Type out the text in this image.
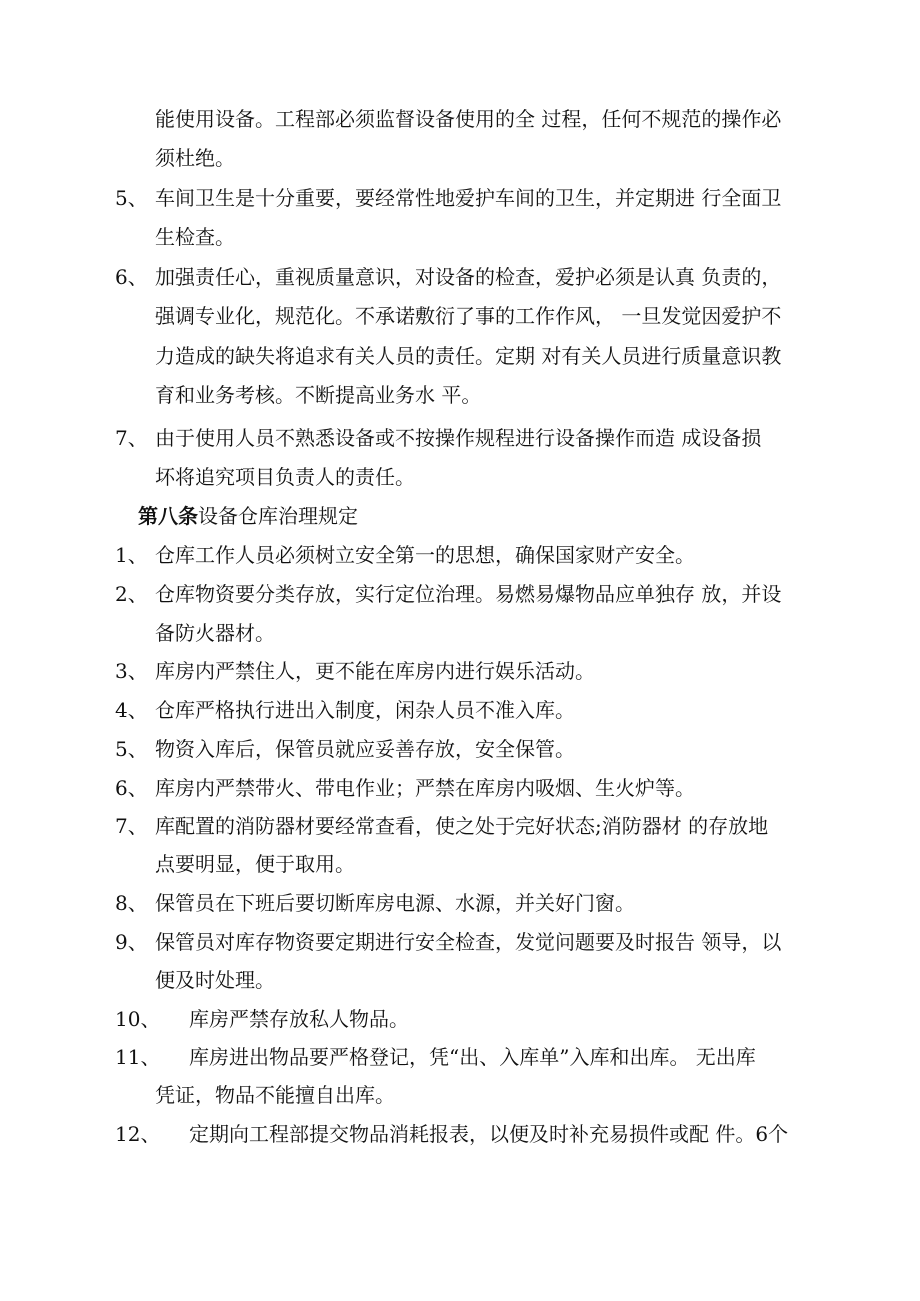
能使用设备。工程部必须监督设备使用的全 过程，任何不规范的操作必
须杜绝。
5、 车间卫生是十分重要，要经常性地爱护车间的卫生，并定期进 行全面卫
生检查。
6、 加强责任心，重视质量意识，对设备的检查，爱护必须是认真 负责的，
强调专业化，规范化。不承诺敷衍了事的工作作风， 一旦发觉因爱护不
力造成的缺失将追求有关人员的责任。定期 对有关人员进行质量意识教
育和业务考核。不断提高业务水 平。
7、 由于使用人员不熟悉设备或不按操作规程进行设备操作而造 成设备损
坏将追究项目负责人的责任。
第八条设备仓库治理规定
1、 仓库工作人员必须树立安全第一的思想，确保国家财产安全。
2、 仓库物资要分类存放，实行定位治理。易燃易爆物品应单独存 放，并设
备防火器材。
3、 库房内严禁住人，更不能在库房内进行娱乐活动。
4、 仓库严格执行进出入制度，闲杂人员不准入库。
5、 物资入库后，保管员就应妥善存放，安全保管。
6、 库房内严禁带火、带电作业；严禁在库房内吸烟、生火炉等。
7、 库配置的消防器材要经常查看，使之处于完好状态;消防器材 的存放地
点要明显，便于取用。
8、 保管员在下班后要切断库房电源、水源，并关好门窗。
9、 保管员对库存物资要定期进行安全检查，发觉问题要及时报告 领导，以
便及时处理。
10、 库房严禁存放私人物品。
11、 库房进出物品要严格登记，凭“出、入库单”入库和出库。 无出库
凭证，物品不能擅自出库。
12、 定期向工程部提交物品消耗报表，以便及时补充易损件或配 件。6个
